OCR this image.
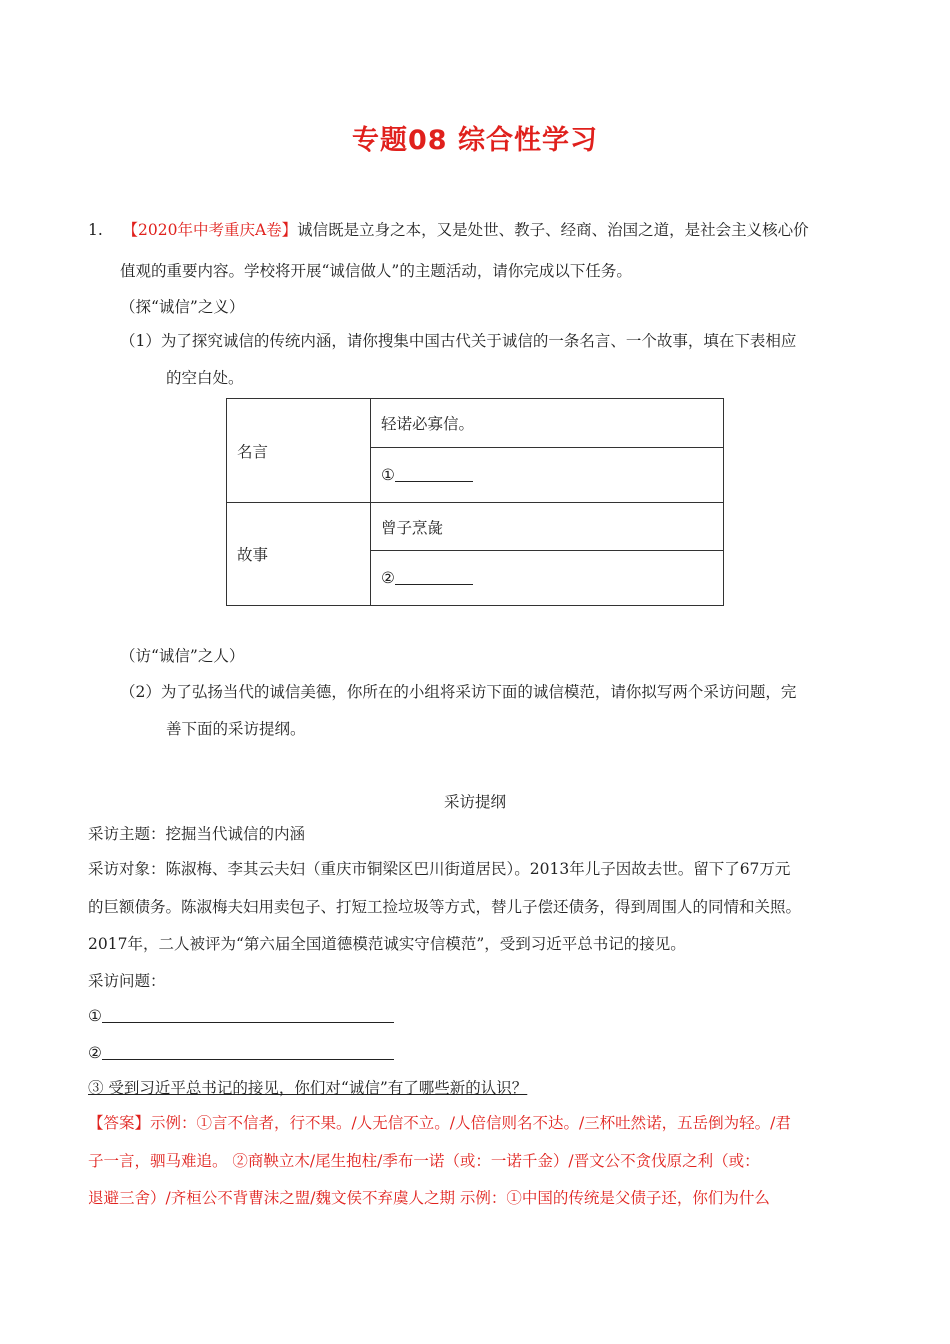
专题08 综合性学习
1. 【2020年中考重庆A卷】诚信既是立身之本，又是处世、教子、经商、治国之道，是社会主义核心价
值观的重要内容。学校将开展“诚信做人”的主题活动，请你完成以下任务。
（探“诚信”之义）
（1）为了探究诚信的传统内涵，请你搜集中国古代关于诚信的一条名言、一个故事，填在下表相应
的空白处。
名言	轻诺必寡信。
	①
故事	曾子烹彘
	②
（访“诚信”之人）
（2）为了弘扬当代的诚信美德，你所在的小组将采访下面的诚信模范，请你拟写两个采访问题，完
善下面的采访提纲。
采访提纲
采访主题：挖掘当代诚信的内涵
采访对象：陈淑梅、李其云夫妇（重庆市铜梁区巴川街道居民）。2013年儿子因故去世。留下了67万元
的巨额债务。陈淑梅夫妇用卖包子、打短工捡垃圾等方式，替儿子偿还债务，得到周围人的同情和关照。
2017年，二人被评为“第六届全国道德模范诚实守信模范”，受到习近平总书记的接见。
采访问题：
①
②
③ 受到习近平总书记的接见，你们对“诚信”有了哪些新的认识？
【答案】示例：①言不信者，行不果。/人无信不立。/人倍信则名不达。/三杯吐然诺，五岳倒为轻。/君
子一言，驷马难追。 ②商鞅立木/尾生抱柱/季布一诺（或：一诺千金）/晋文公不贪伐原之利（或：
退避三舍）/齐桓公不背曹沫之盟/魏文侯不弃虞人之期 示例：①中国的传统是父债子还，你们为什么
